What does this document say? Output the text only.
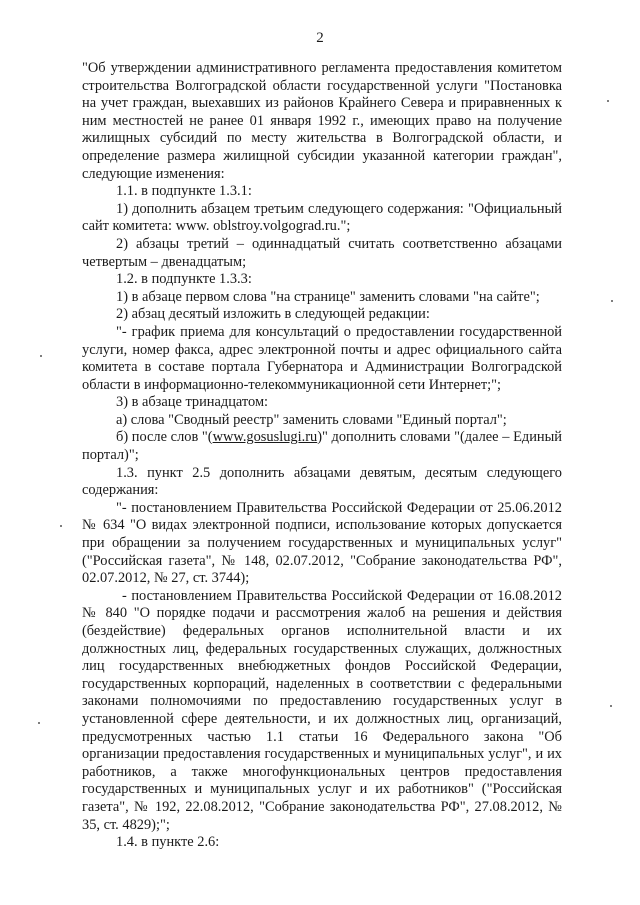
2

"Об утверждении административного регламента предоставления комитетом строительства Волгоградской области государственной услуги "Постановка на учет граждан, выехавших из районов Крайнего Севера и приравненных к ним местностей не ранее 01 января 1992 г., имеющих право на получение жилищных субсидий по месту жительства в Волгоградской области, и определение размера жилищной субсидии указанной категории граждан", следующие изменения:

1.1. в подпункте 1.3.1:

1) дополнить абзацем третьим следующего содержания: "Официальный сайт комитета: www. oblstroy.volgograd.ru.";

2) абзацы третий – одиннадцатый считать соответственно абзацами четвертым – двенадцатым;

1.2. в подпункте 1.3.3:

1) в абзаце первом слова "на странице" заменить словами "на сайте";

2) абзац десятый изложить в следующей редакции:

"- график приема для консультаций о предоставлении государственной услуги, номер факса, адрес электронной почты и адрес официального сайта комитета в составе портала Губернатора и Администрации Волгоградской области в информационно-телекоммуникационной сети Интернет;";

3) в абзаце тринадцатом:

а) слова "Сводный реестр" заменить словами "Единый портал";

б) после слов "(www.gosuslugi.ru)" дополнить словами "(далее – Единый портал)";

1.3. пункт 2.5 дополнить абзацами девятым, десятым следующего содержания:

"- постановлением Правительства Российской Федерации от 25.06.2012 № 634 "О видах электронной подписи, использование которых допускается при обращении за получением государственных и муниципальных услуг" ("Российская газета", № 148, 02.07.2012, "Собрание законодательства РФ", 02.07.2012, № 27, ст. 3744);

- постановлением Правительства Российской Федерации от 16.08.2012 № 840 "О порядке подачи и рассмотрения жалоб на решения и действия (бездействие) федеральных органов исполнительной власти и их должностных лиц, федеральных государственных служащих, должностных лиц государственных внебюджетных фондов Российской Федерации, государственных корпораций, наделенных в соответствии с федеральными законами полномочиями по предоставлению государственных услуг в установленной сфере деятельности, и их должностных лиц, организаций, предусмотренных частью 1.1 статьи 16 Федерального закона "Об организации предоставления государственных и муниципальных услуг", и их работников, а также многофункциональных центров предоставления государственных и муниципальных услуг и их работников" ("Российская газета", № 192, 22.08.2012, "Собрание законодательства РФ", 27.08.2012, № 35, ст. 4829);";

1.4. в пункте 2.6:
